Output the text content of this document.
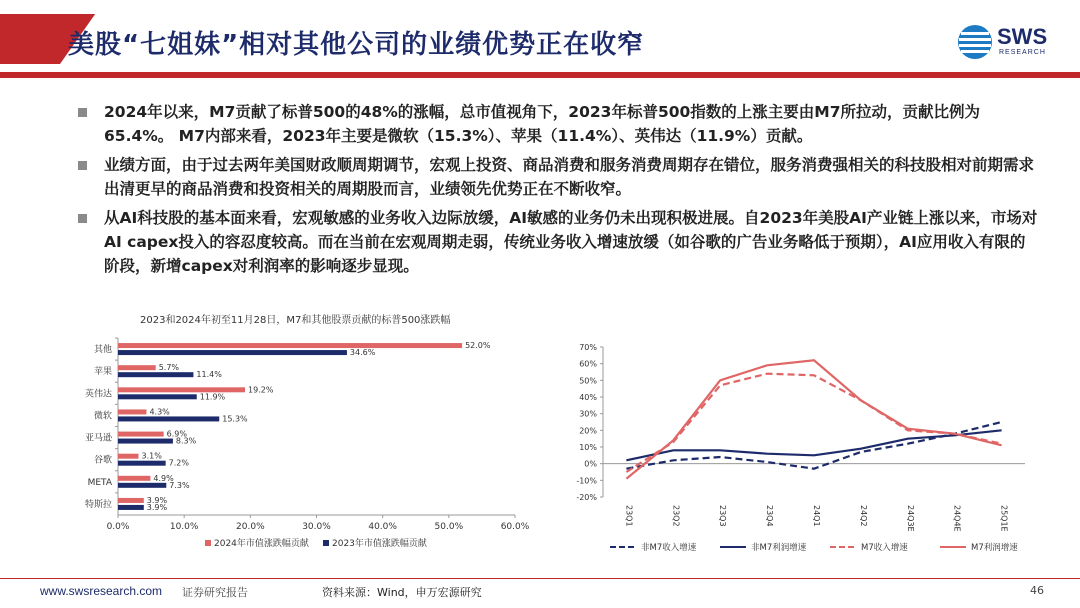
美股“七姐妹”相对其他公司的业绩优势正在收窄	SWS
RESEARCH
2024年以来，M7贡献了标普500的48%的涨幅，总市值视角下，2023年标普500指数的上涨主要由M7所拉动，贡献比例为65.4%。 M7内部来看，2023年主要是微软（15.3%）、苹果（11.4%）、英伟达（11.9%）贡献。
业绩方面，由于过去两年美国财政顺周期调节，宏观上投资、商品消费和服务消费周期存在错位，服务消费强相关的科技股相对前期需求出清更早的商品消费和投资相关的周期股而言，业绩领先优势正在不断收窄。
从AI科技股的基本面来看，宏观敏感的业务收入边际放缓，AI敏感的业务仍未出现积极进展。自2023年美股AI产业链上涨以来，市场对AI capex投入的容忍度较高。而在当前在宏观周期走弱，传统业务收入增速放缓（如谷歌的广告业务略低于预期），AI应用收入有限的阶段，新增capex对利润率的影响逐步显现。
2023和2024年初至11月28日，M7和其他股票贡献的标普500涨跌幅
0.0%	10.0%	20.0%	30.0%	40.0%	50.0%	60.0%
其他	52.0%
34.6%
苹果	5.7%
11.4%
英伟达	19.2%
11.9%
微软	4.3%
15.3%
亚马逊	6.9%
8.3%
谷歌	3.1%
7.2%
META	4.9%
7.3%
特斯拉	3.9%
3.9%
2024年市值涨跌幅贡献	2023年市值涨跌幅贡献
-20%
-10%
0%
10%
20%
30%
40%
50%
60%
70%
23Q1	23Q2	23Q3	23Q4	24Q1	24Q2	24Q3E	24Q4E	25Q1E
非M7收入增速	非M7利润增速	M7收入增速	M7利润增速
www.swsresearch.com 证券研究报告	资料来源：Wind，申万宏源研究	46
